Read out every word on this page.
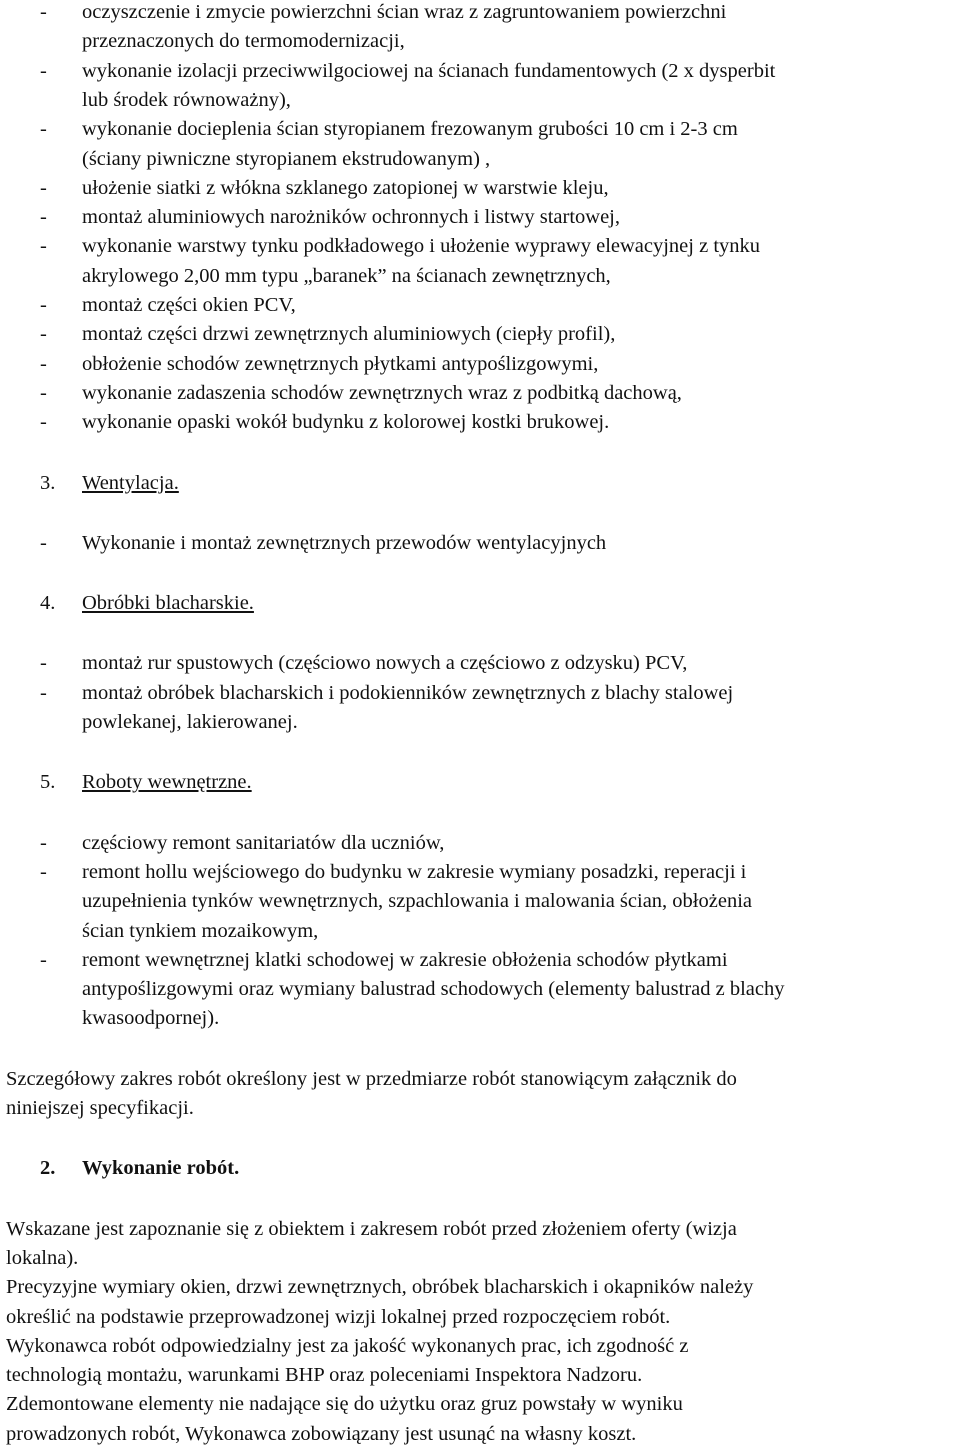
- oczyszczenie i zmycie powierzchni ścian wraz z zagruntowaniem powierzchni
przeznaczonych do termomodernizacji,
- wykonanie izolacji przeciwwilgociowej na ścianach fundamentowych (2 x dysperbit
lub środek równoważny),
- wykonanie docieplenia ścian styropianem frezowanym grubości 10 cm i 2-3 cm
(ściany piwniczne styropianem ekstrudowanym) ,
- ułożenie siatki z włókna szklanego zatopionej w warstwie kleju,
- montaż aluminiowych narożników ochronnych i listwy startowej,
- wykonanie warstwy tynku podkładowego i ułożenie wyprawy elewacyjnej z tynku
akrylowego 2,00 mm typu „baranek” na ścianach zewnętrznych,
- montaż części okien PCV,
- montaż części drzwi zewnętrznych aluminiowych (ciepły profil),
- obłożenie schodów zewnętrznych płytkami antypoślizgowymi,
- wykonanie zadaszenia schodów zewnętrznych wraz z podbitką dachową,
- wykonanie opaski wokół budynku z kolorowej kostki brukowej.
3. Wentylacja.
- Wykonanie i montaż zewnętrznych przewodów wentylacyjnych
4. Obróbki blacharskie.
- montaż rur spustowych (częściowo nowych a częściowo z odzysku) PCV,
- montaż obróbek blacharskich i podokienników zewnętrznych z blachy stalowej
powlekanej, lakierowanej.
5. Roboty wewnętrzne.
- częściowy remont sanitariatów dla uczniów,
- remont hollu wejściowego do budynku w zakresie wymiany posadzki, reperacji i
uzupełnienia tynków wewnętrznych, szpachlowania i malowania ścian, obłożenia
ścian tynkiem mozaikowym,
- remont wewnętrznej klatki schodowej w zakresie obłożenia schodów płytkami
antypoślizgowymi oraz wymiany balustrad schodowych (elementy balustrad z blachy
kwasoodpornej).
Szczegółowy zakres robót określony jest w przedmiarze robót stanowiącym załącznik do
niniejszej specyfikacji.
2. Wykonanie robót.
Wskazane jest zapoznanie się z obiektem i zakresem robót przed złożeniem oferty (wizja
lokalna).
Precyzyjne wymiary okien, drzwi zewnętrznych, obróbek blacharskich i okapników należy
określić na podstawie przeprowadzonej wizji lokalnej przed rozpoczęciem robót.
Wykonawca robót odpowiedzialny jest za jakość wykonanych prac, ich zgodność z
technologią montażu, warunkami BHP oraz poleceniami Inspektora Nadzoru.
Zdemontowane elementy nie nadające się do użytku oraz gruz powstały w wyniku
prowadzonych robót, Wykonawca zobowiązany jest usunąć na własny koszt.
